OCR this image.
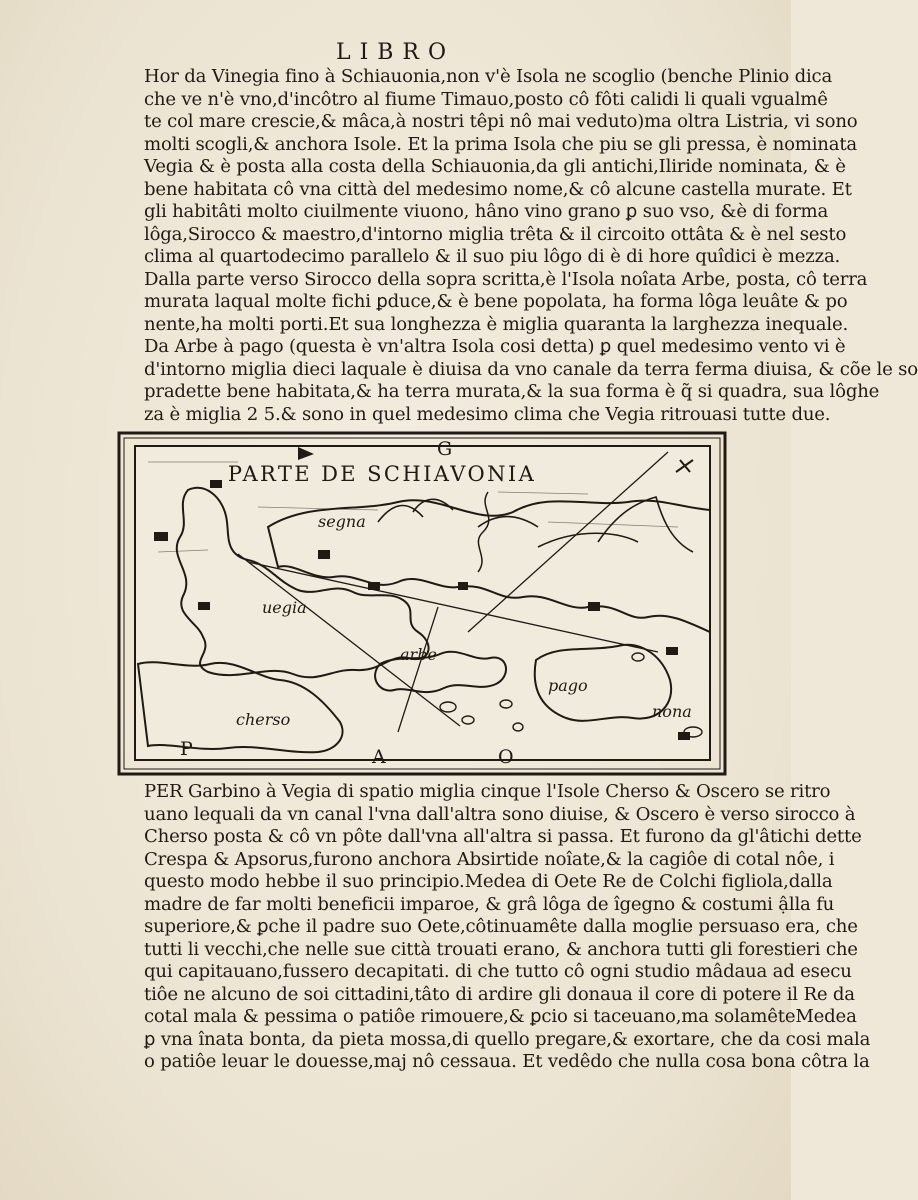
LIBRO
Hor da Vinegia fino à Schiauonia,non v'è Isola ne scoglio (benche Plinio dica
che ve n'è vno,d'incôtro al fiume Timauo,posto cô fôti calidi li quali vgualmê
te col mare crescie,& mâca,à nostri têpi nô mai veduto)ma oltra Listria, vi sono
molti scogli,& anchora Isole. Et la prima Isola che piu se gli pressa, è nominata
Vegia & è posta alla costa della Schiauonia,da gli antichi,Iliride nominata, & è
bene habitata cô vna città del medesimo nome,& cô alcune castella murate. Et
gli habitâti molto ciuilmente viuono, hâno vino grano ꝑ suo vso, &è di forma
lôga,Sirocco & maestro,d'intorno miglia trêta & il circoito ottâta & è nel sesto
clima al quartodecimo parallelo & il suo piu lôgo di è di hore quîdici è mezza.
Dalla parte verso Sirocco della sopra scritta,è l'Isola noîata Arbe, posta, cô terra
murata laqual molte fichi ꝑduce,& è bene popolata, ha forma lôga leuâte & po
nente,ha molti porti.Et sua longhezza è miglia quaranta la larghezza inequale.
Da Arbe à pago (questa è vn'altra Isola cosi detta) ꝑ quel medesimo vento vi è
d'intorno miglia dieci laquale è diuisa da vno canale da terra ferma diuisa, & cõe le so
pradette bene habitata,& ha terra murata,& la sua forma è q̃ si quadra, sua lôghe
za è miglia 2 5.& sono in quel medesimo clima che Vegia ritrouasi tutte due.
PARTE DE SCHIAVONIA
G
O
P	A
segna
uegia
arbe
pago
nona
cherso
PER Garbino à Vegia di spatio miglia cinque l'Isole Cherso & Oscero se ritro
uano lequali da vn canal l'vna dall'altra sono diuise, & Oscero è verso sirocco à
Cherso posta & cô vn pôte dall'vna all'altra si passa. Et furono da gl'âtichi dette
Crespa & Apsorus,furono anchora Absirtide noîate,& la cagiôe di cotal nôe, i
questo modo hebbe il suo principio.Medea di Oete Re de Colchi figliola,dalla
madre de far molti beneficii imparoe, & grâ lôga de îgegno & costumi ậlla fu
superiore,& ꝑche il padre suo Oete,côtinuamête dalla moglie persuaso era, che
tutti li vecchi,che nelle sue città trouati erano, & anchora tutti gli forestieri che
qui capitauano,fussero decapitati. di che tutto cô ogni studio mâdaua ad esecu
tiôe ne alcuno de soi cittadini,tâto di ardire gli donaua il core di potere il Re da
cotal mala & pessima o patiôe rimouere,& ꝑcio si taceuano,ma solamêteMedea
ꝑ vna înata bonta, da pieta mossa,di quello pregare,& exortare, che da cosi mala
o patiôe leuar le douesse,maj nô cessaua. Et vedêdo che nulla cosa bona côtra la
